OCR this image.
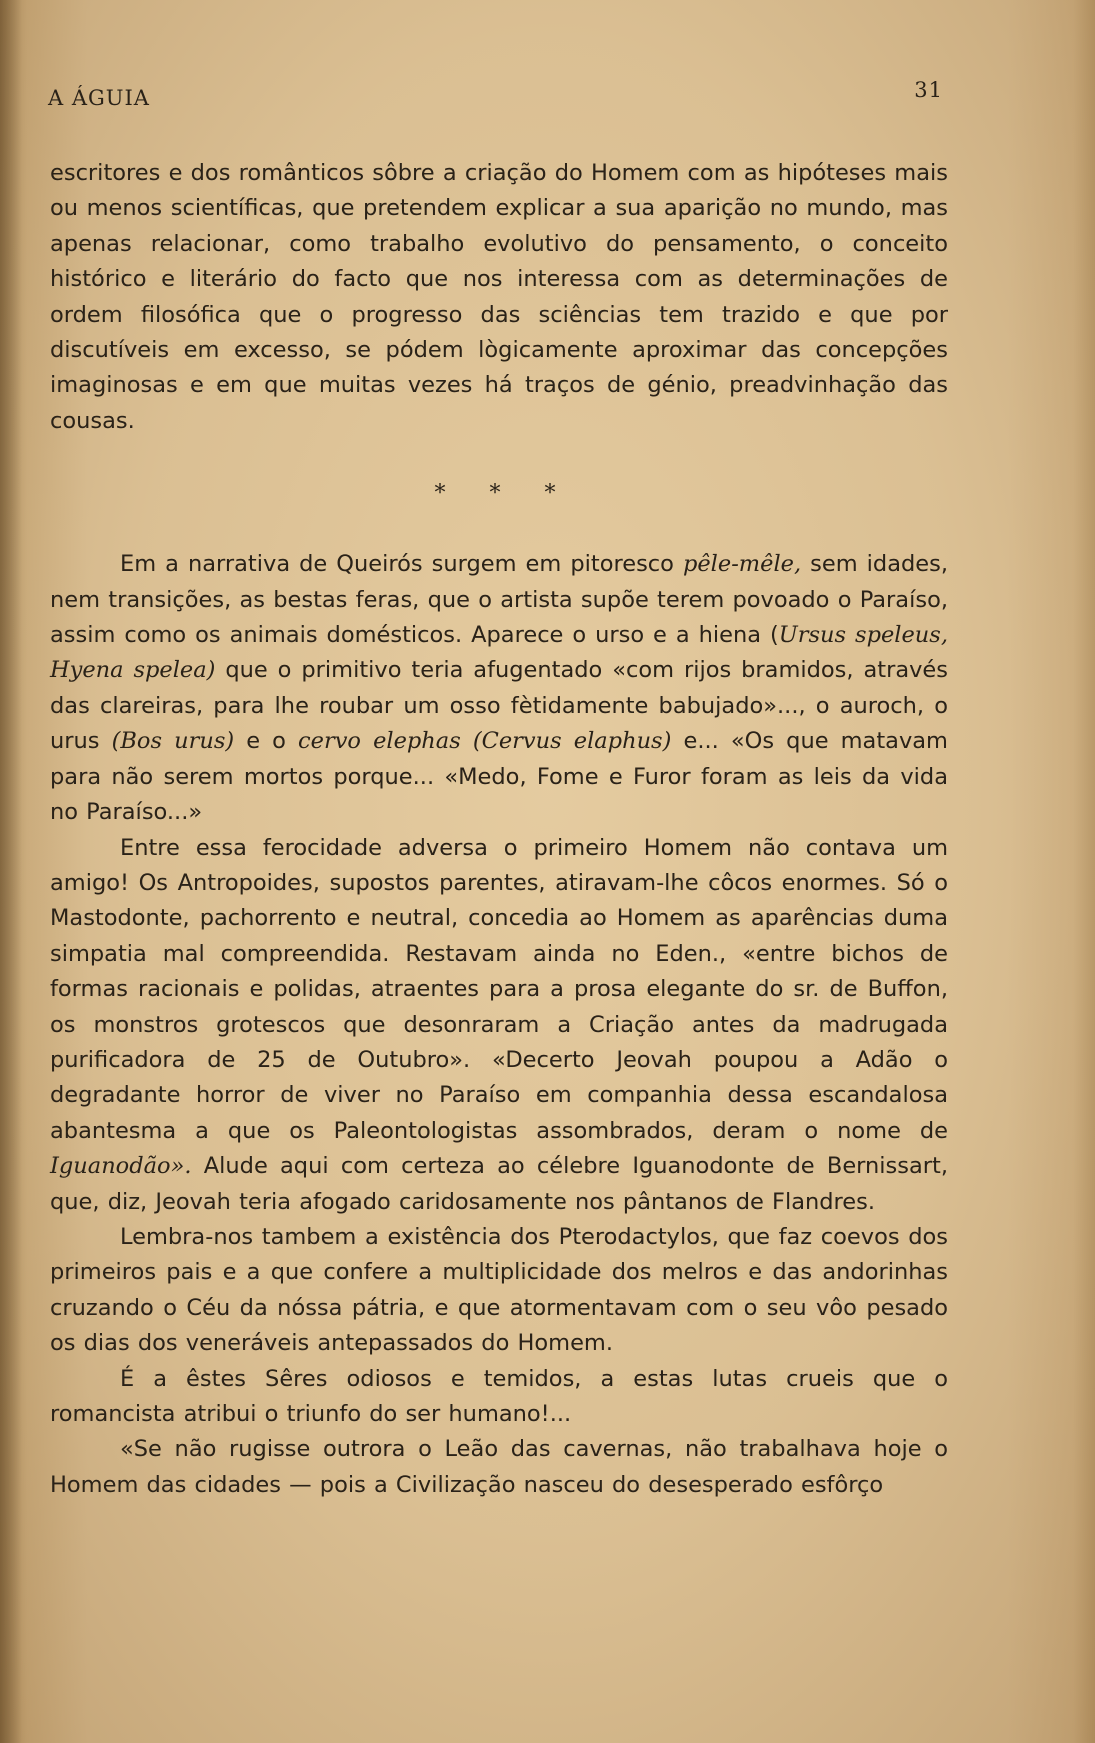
A ÁGUIA	31

escritores e dos românticos sôbre a criação do Homem com as hipóteses mais ou menos scientíficas, que pretendem explicar a sua aparição no mundo, mas apenas relacionar, como trabalho evolutivo do pensamento, o conceito histórico e literário do facto que nos interessa com as determinações de ordem filosófica que o progresso das sciências tem trazido e que por discutíveis em excesso, se pódem lògicamente aproximar das concepções imaginosas e em que muitas vezes há traços de génio, preadvinhação das cousas.

* * *

Em a narrativa de Queirós surgem em pitoresco pêle-mêle, sem idades, nem transições, as bestas feras, que o artista supõe terem povoado o Paraíso, assim como os animais domésticos. Aparece o urso e a hiena (Ursus speleus, Hyena spelea) que o primitivo teria afugentado «com rijos bramidos, através das clareiras, para lhe roubar um osso fètidamente babujado»..., o auroch, o urus (Bos urus) e o cervo elephas (Cervus elaphus) e... «Os que matavam para não serem mortos porque... «Medo, Fome e Furor foram as leis da vida no Paraíso...»

Entre essa ferocidade adversa o primeiro Homem não contava um amigo! Os Antropoides, supostos parentes, atiravam-lhe côcos enormes. Só o Mastodonte, pachorrento e neutral, concedia ao Homem as aparências duma simpatia mal compreendida. Restavam ainda no Eden., «entre bichos de formas racionais e polidas, atraentes para a prosa elegante do sr. de Buffon, os monstros grotescos que desonraram a Criação antes da madrugada purificadora de 25 de Outubro». «Decerto Jeovah poupou a Adão o degradante horror de viver no Paraíso em companhia dessa escandalosa abantesma a que os Paleontologistas assombrados, deram o nome de Iguanodão». Alude aqui com certeza ao célebre Iguanodonte de Bernissart, que, diz, Jeovah teria afogado caridosamente nos pântanos de Flandres.

Lembra-nos tambem a existência dos Pterodactylos, que faz coevos dos primeiros pais e a que confere a multiplicidade dos melros e das andorinhas cruzando o Céu da nóssa pátria, e que atormentavam com o seu vôo pesado os dias dos veneráveis antepassados do Homem.

É a êstes Sêres odiosos e temidos, a estas lutas crueis que o romancista atribui o triunfo do ser humano!...

«Se não rugisse outrora o Leão das cavernas, não trabalhava hoje o Homem das cidades — pois a Civilização nasceu do desesperado esfôrço
